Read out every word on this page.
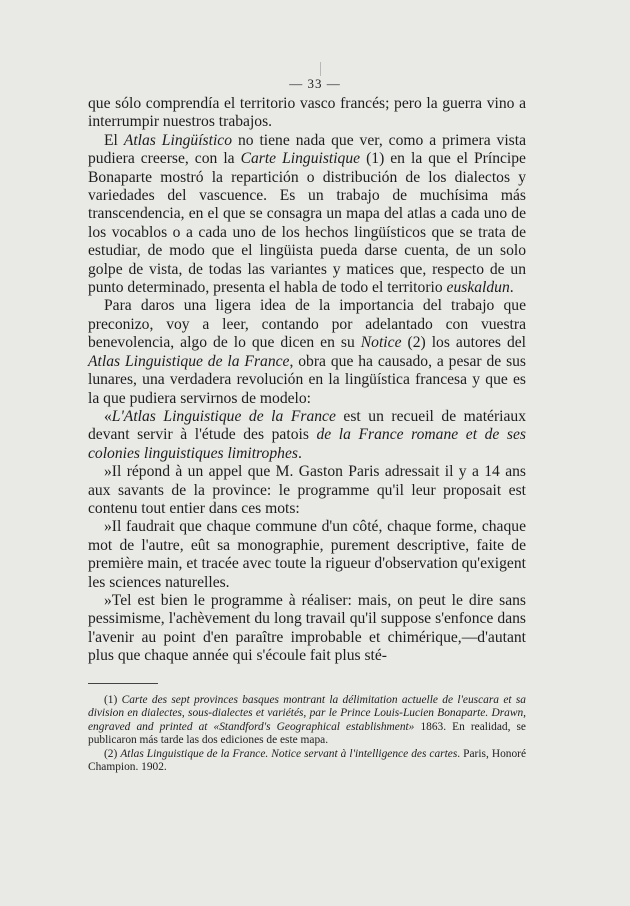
— 33 —

que sólo comprendía el territorio vasco francés; pero la guerra vino a interrumpir nuestros trabajos.

El Atlas Lingüístico no tiene nada que ver, como a primera vista pudiera creerse, con la Carte Linguistique (1) en la que el Príncipe Bonaparte mostró la repartición o distribución de los dialectos y variedades del vascuence. Es un trabajo de muchísima más transcendencia, en el que se consagra un mapa del atlas a cada uno de los vocablos o a cada uno de los hechos lingüísticos que se trata de estudiar, de modo que el lingüista pueda darse cuenta, de un solo golpe de vista, de todas las variantes y matices que, respecto de un punto determinado, presenta el habla de todo el territorio euskaldun.

Para daros una ligera idea de la importancia del trabajo que preconizo, voy a leer, contando por adelantado con vuestra benevolencia, algo de lo que dicen en su Notice (2) los autores del Atlas Linguistique de la France, obra que ha causado, a pesar de sus lunares, una verdadera revolución en la lingüística francesa y que es la que pudiera servirnos de modelo:

«L'Atlas Linguistique de la France est un recueil de matériaux devant servir à l'étude des patois de la France romane et de ses colonies linguistiques limitrophes.

»Il répond à un appel que M. Gaston Paris adressait il y a 14 ans aux savants de la province: le programme qu'il leur proposait est contenu tout entier dans ces mots:

»Il faudrait que chaque commune d'un côté, chaque forme, chaque mot de l'autre, eût sa monographie, purement descriptive, faite de première main, et tracée avec toute la rigueur d'observation qu'exigent les sciences naturelles.

»Tel est bien le programme à réaliser: mais, on peut le dire sans pessimisme, l'achèvement du long travail qu'il suppose s'enfonce dans l'avenir au point d'en paraître improbable et chimérique,—d'autant plus que chaque année qui s'écoule fait plus sté-

(1) Carte des sept provinces basques montrant la délimitation actuelle de l'euscara et sa division en dialectes, sous-dialectes et variétés, par le Prince Louis-Lucien Bonaparte. Drawn, engraved and printed at «Standford's Geographical establishment» 1863. En realidad, se publicaron más tarde las dos ediciones de este mapa.

(2) Atlas Linguistique de la France. Notice servant à l'intelligence des cartes. Paris, Honoré Champion. 1902.
